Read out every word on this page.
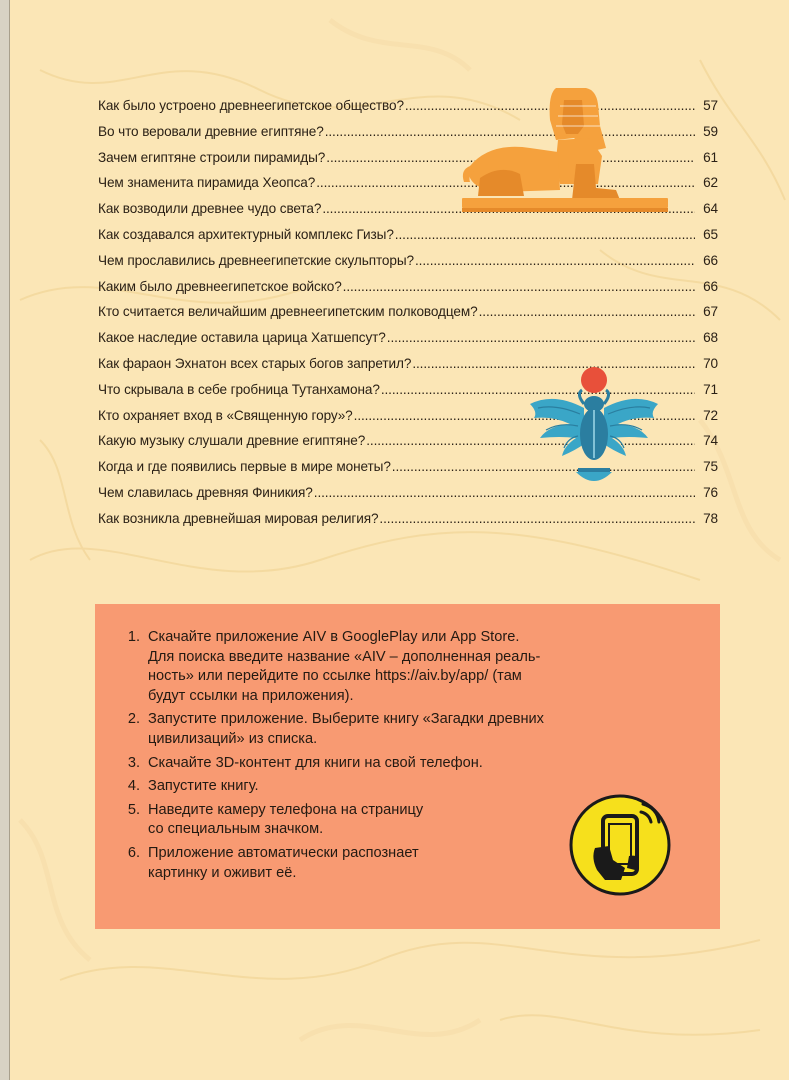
Как было устроено древнеегипетское общество? .....	57
Во что веровали древние египтяне? .....	59
Зачем египтяне строили пирамиды? .....	61
Чем знаменита пирамида Хеопса? .....	62
Как возводили древнее чудо света? .....	64
Как создавался архитектурный комплекс Гизы? .....	65
Чем прославились древнеегипетские скульпторы? .....	66
Каким было древнеегипетское войско? .....	66
Кто считается величайшим древнеегипетским полководцем? .....	67
Какое наследие оставила царица Хатшепсут? .....	68
Как фараон Эхнатон всех старых богов запретил? .....	70
Что скрывала в себе гробница Тутанхамона? .....	71
Кто охраняет вход в «Священную гору»? .....	72
Какую музыку слушали древние египтяне? .....	74
Когда и где появились первые в мире монеты? .....	75
Чем славилась древняя Финикия? .....	76
Как возникла древнейшая мировая религия? .....	78
1. Скачайте приложение AIV в GooglePlay или App Store.
Для поиска введите название «AIV – дополненная реаль-
ность» или перейдите по ссылке https://aiv.by/app/ (там
будут ссылки на приложения).
2. Запустите приложение. Выберите книгу «Загадки древних
цивилизаций» из списка.
3. Скачайте 3D-контент для книги на свой телефон.
4. Запустите книгу.
5. Наведите камеру телефона на страницу
со специальным значком.
6. Приложение автоматически распознает
картинку и оживит её.
